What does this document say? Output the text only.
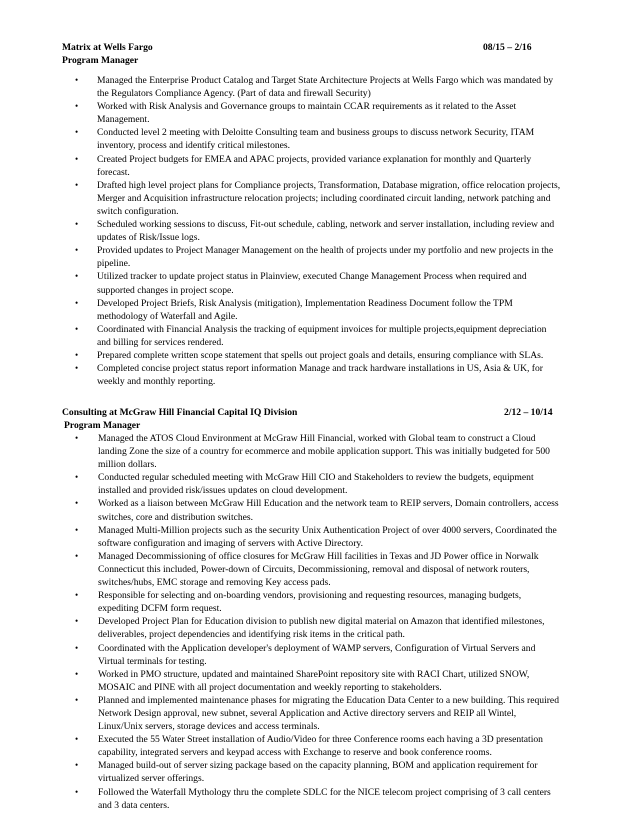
Matrix at Wells Fargo	08/15 – 2/16
Program Manager
• Managed the Enterprise Product Catalog and Target State Architecture Projects at Wells Fargo which was mandated by the Regulators Compliance Agency. (Part of data and firewall Security)
• Worked with Risk Analysis and Governance groups to maintain CCAR requirements as it related to the Asset Management.
• Conducted level 2 meeting with Deloitte Consulting team and business groups to discuss network Security, ITAM inventory, process and identify critical milestones.
• Created Project budgets for EMEA and APAC projects, provided variance explanation for monthly and Quarterly forecast.
• Drafted high level project plans for Compliance projects, Transformation, Database migration, office relocation projects, Merger and Acquisition infrastructure relocation projects; including coordinated circuit landing, network patching and switch configuration.
• Scheduled working sessions to discuss, Fit-out schedule, cabling, network and server installation, including review and updates of Risk/Issue logs.
• Provided updates to Project Manager Management on the health of projects under my portfolio and new projects in the pipeline.
• Utilized tracker to update project status in Plainview, executed Change Management Process when required and supported changes in project scope.
• Developed Project Briefs, Risk Analysis (mitigation), Implementation Readiness Document follow the TPM methodology of Waterfall and Agile.
• Coordinated with Financial Analysis the tracking of equipment invoices for multiple projects,equipment depreciation and billing for services rendered.
• Prepared complete written scope statement that spells out project goals and details, ensuring compliance with SLAs.
• Completed concise project status report information Manage and track hardware installations in US, Asia & UK, for weekly and monthly reporting.
Consulting at McGraw Hill Financial Capital IQ Division	2/12 – 10/14
Program Manager
• Managed the ATOS Cloud Environment at McGraw Hill Financial, worked with Global team to construct a Cloud landing Zone the size of a country for ecommerce and mobile application support. This was initially budgeted for 500 million dollars.
• Conducted regular scheduled meeting with McGraw Hill CIO and Stakeholders to review the budgets, equipment installed and provided risk/issues updates on cloud development.
• Worked as a liaison between McGraw Hill Education and the network team to REIP servers, Domain controllers, access switches, core and distribution switches.
• Managed Multi-Million projects such as the security Unix Authentication Project of over 4000 servers, Coordinated the software configuration and imaging of servers with Active Directory.
• Managed Decommissioning of office closures for McGraw Hill facilities in Texas and JD Power office in Norwalk Connecticut this included, Power-down of Circuits, Decommissioning, removal and disposal of network routers, switches/hubs, EMC storage and removing Key access pads.
• Responsible for selecting and on-boarding vendors, provisioning and requesting resources, managing budgets, expediting DCFM form request.
• Developed Project Plan for Education division to publish new digital material on Amazon that identified milestones, deliverables, project dependencies and identifying risk items in the critical path.
• Coordinated with the Application developer's deployment of WAMP servers, Configuration of Virtual Servers and Virtual terminals for testing.
• Worked in PMO structure, updated and maintained SharePoint repository site with RACI Chart, utilized SNOW, MOSAIC and PINE with all project documentation and weekly reporting to stakeholders.
• Planned and implemented maintenance phases for migrating the Education Data Center to a new building. This required Network Design approval, new subnet, several Application and Active directory servers and REIP all Wintel, Linux/Unix servers, storage devices and access terminals.
• Executed the 55 Water Street installation of Audio/Video for three Conference rooms each having a 3D presentation capability, integrated servers and keypad access with Exchange to reserve and book conference rooms.
• Managed build-out of server sizing package based on the capacity planning, BOM and application requirement for virtualized server offerings.
• Followed the Waterfall Mythology thru the complete SDLC for the NICE telecom project comprising of 3 call centers and 3 data centers.
